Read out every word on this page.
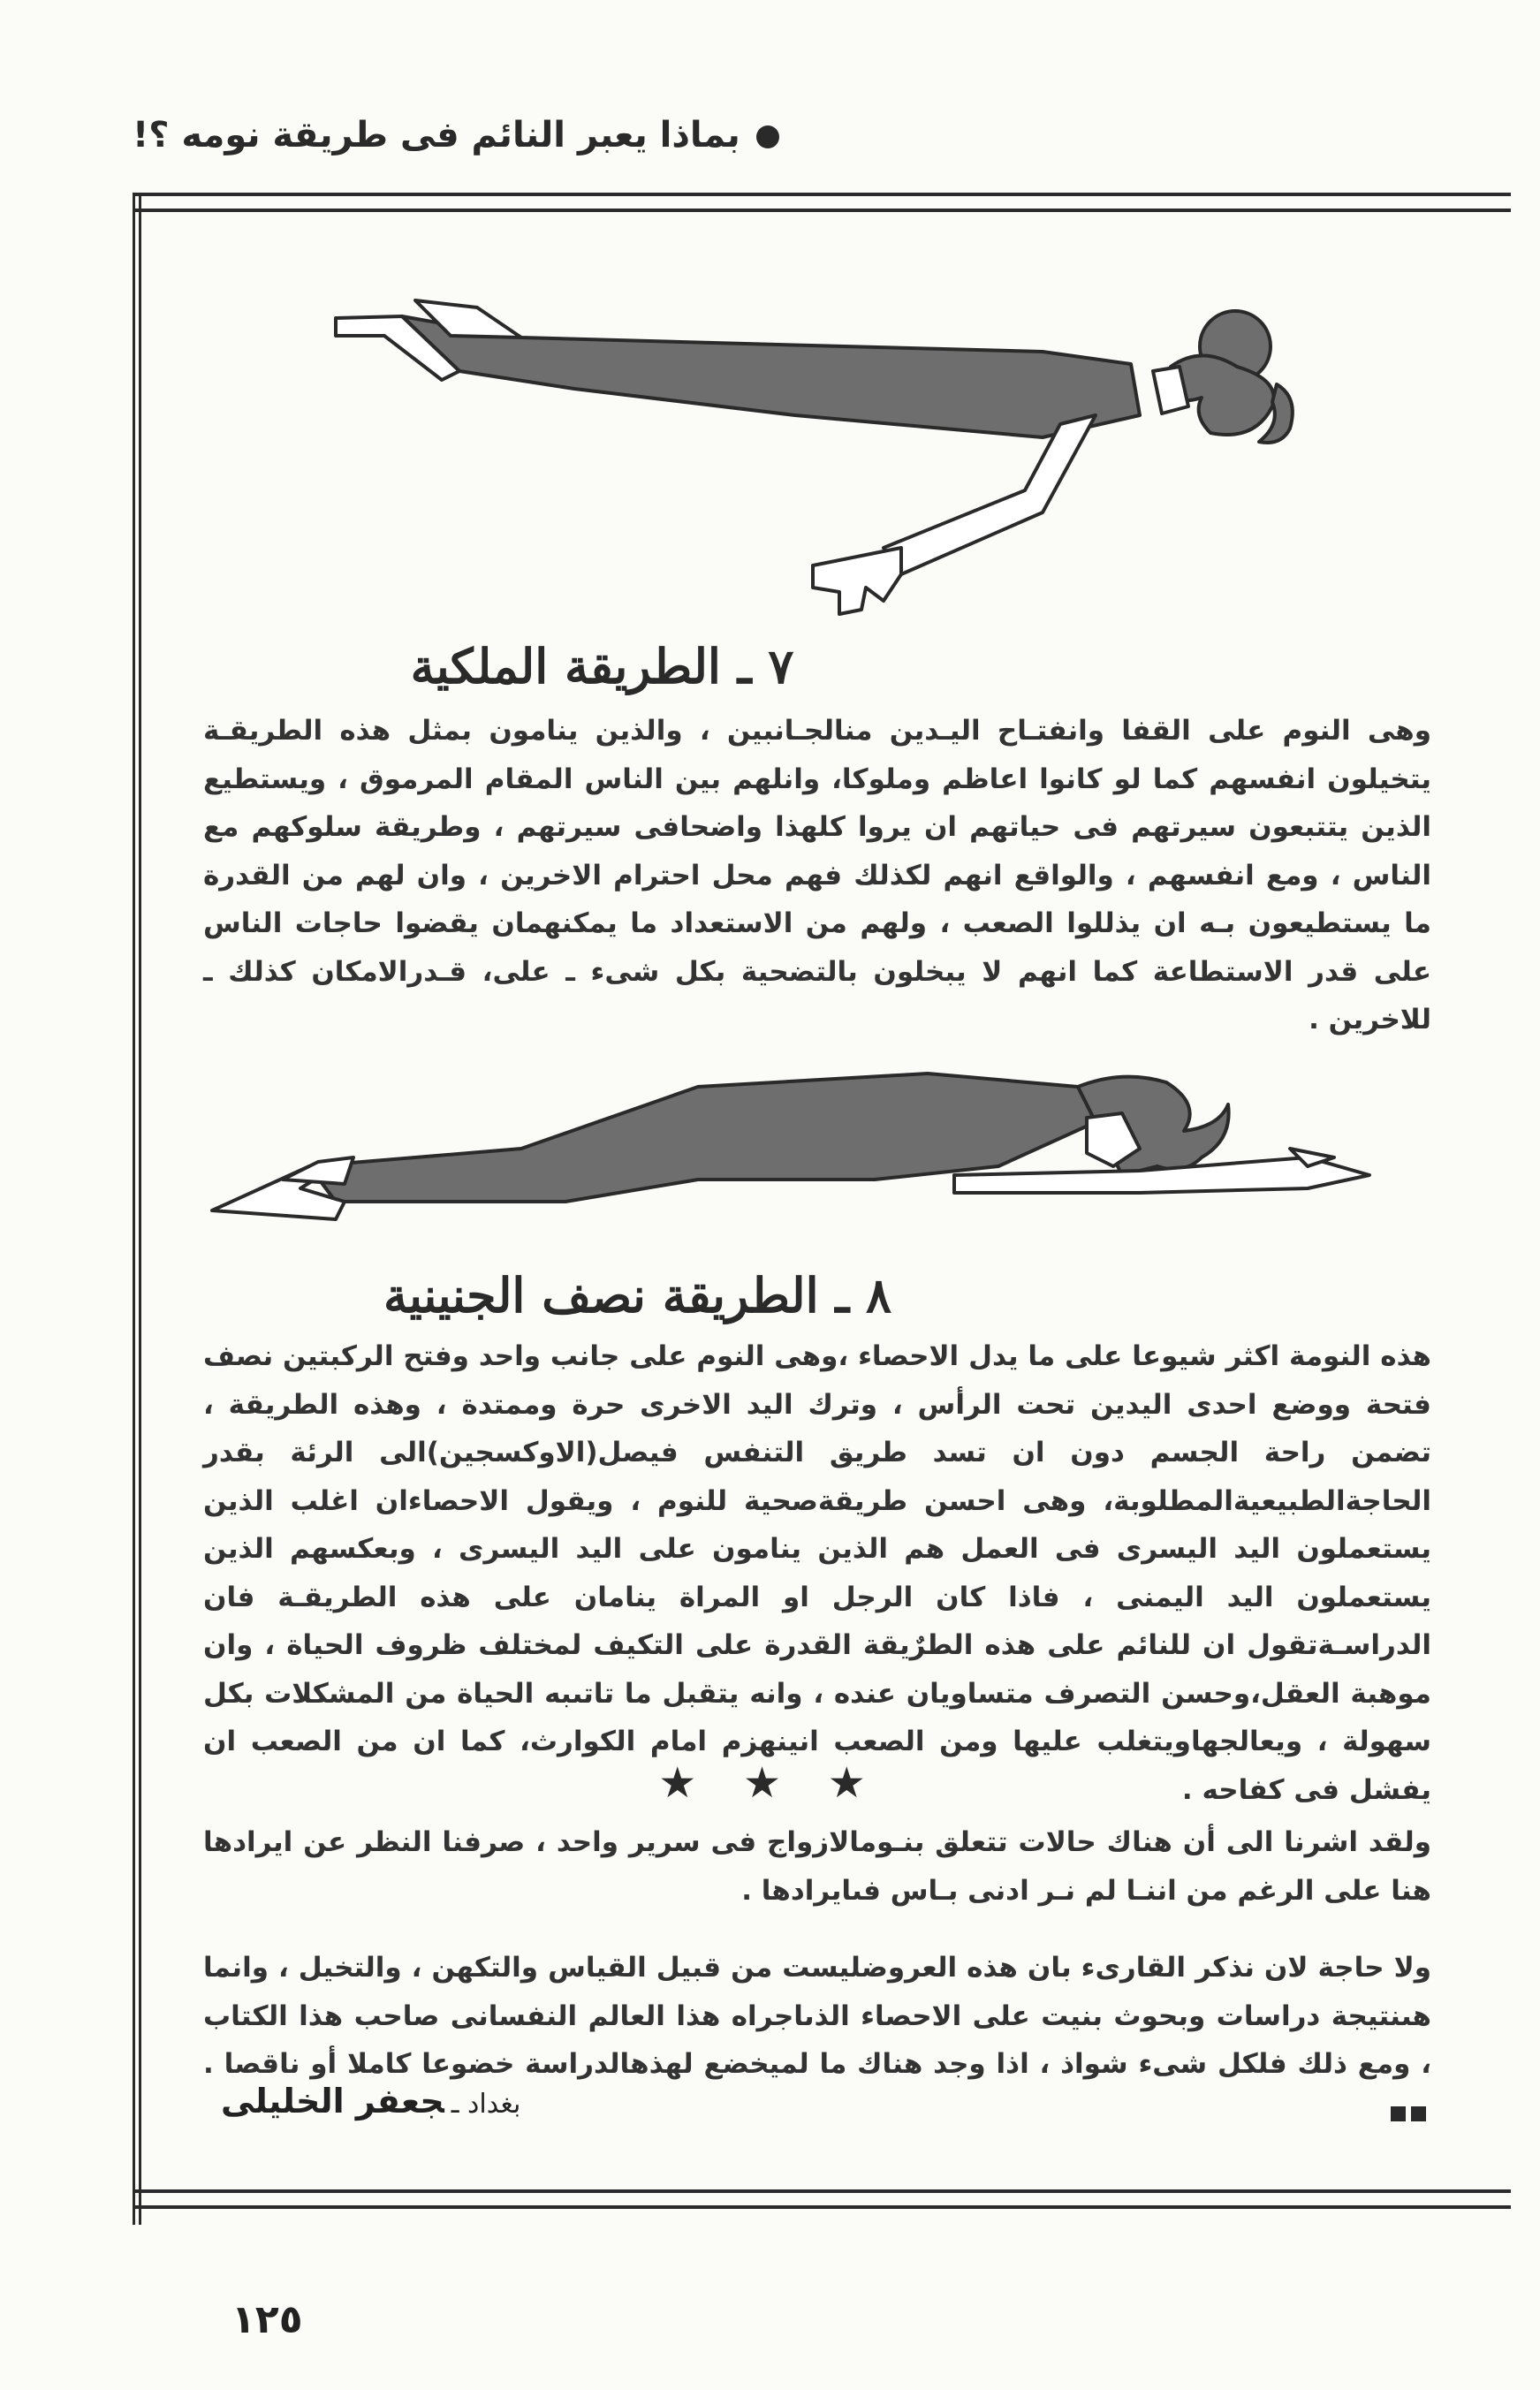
بماذا يعبر النائم فى طريقة نومه ؟!
٧ ـ الطريقة الملكية
وهى النوم على القفا وانفتـاح اليـدين منالجـانبين ، والذين ينامون بمثل هذه الطريقـة يتخيلون انفسهم كما لو كانوا اعاظم وملوكا، وانلهم بين الناس المقام المرموق ، ويستطيع الذين يتتبعون سيرتهم فى حياتهم ان يروا كلهذا واضحافى سيرتهم ، وطريقة سلوكهم مع الناس ، ومع انفسهم ، والواقع انهم لكذلك فهم محل احترام الاخرين ، وان لهم من القدرة ما يستطيعون بـه ان يذللوا الصعب ، ولهم من الاستعداد ما يمكنهمان يقضوا حاجات الناس على قدر الاستطاعة كما انهم لا يبخلون بالتضحية بكل شىء ـ على، قـدرالامكان كذلك ـ للاخرين .
٨ ـ الطريقة نصف الجنينية
هذه النومة اكثر شيوعا على ما يدل الاحصاء ،وهى النوم على جانب واحد وفتح الركبتين نصف فتحة ووضع احدى اليدين تحت الرأس ، وترك اليد الاخرى حرة وممتدة ، وهذه الطريقة ، تضمن راحة الجسم دون ان تسد طريق التنفس فيصل(الاوكسجين)الى الرئة بقدر الحاجةالطبيعيةالمطلوبة، وهى احسن طريقةصحية للنوم ، ويقول الاحصاءان اغلب الذين يستعملون اليد اليسرى فى العمل هم الذين ينامون على اليد اليسرى ، وبعكسهم الذين يستعملون اليد اليمنى ، فاذا كان الرجل او المراة ينامان على هذه الطريقـة فان الدراسـةتقول ان للنائم على هذه الطرٌيقة القدرة على التكيف لمختلف ظروف الحياة ، وان موهبة العقل،وحسن التصرف متساويان عنده ، وانه يتقبل ما تاتىبه الحياة من المشكلات بكل سهولة ، ويعالجهاويتغلب عليها ومن الصعب انينهزم امام الكوارث، كما ان من الصعب ان يفشل فى كفاحه .
★ ★ ★
ولقد اشرنا الى أن هناك حالات تتعلق بنـومالازواج فى سرير واحد ، صرفنا النظر عن ايرادها هنا على الرغم من اننـا لم نـر ادنى بـاس فىايرادها .
ولا حاجة لان نذكر القارىء بان هذه العروضليست من قبيل القياس والتكهن ، والتخيل ، وانما هىنتيجة دراسات وبحوث بنيت على الاحصاء الذىاجراه هذا العالم النفسانى صاحب هذا الكتاب ، ومع ذلك فلكل شىء شواذ ، اذا وجد هناك ما لميخضع لهذهالدراسة خضوعا كاملا أو ناقصا .
بغداد ـجعفر الخليلى
١٢٥
